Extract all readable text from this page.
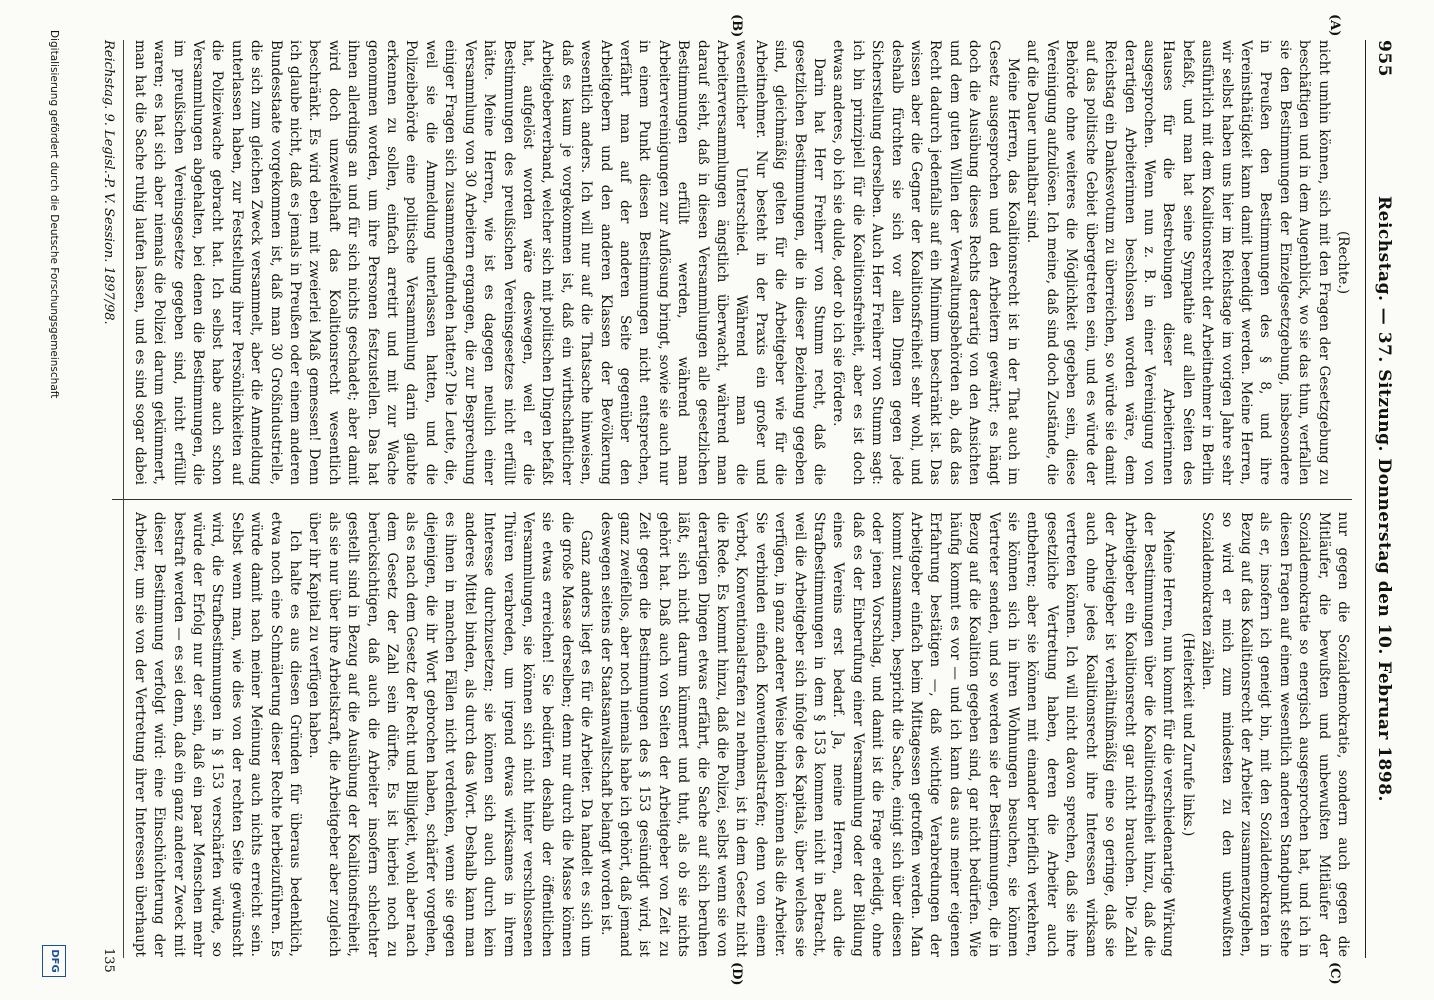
955
Reichstag. — 37. Sitzung. Donnerstag den 10. Februar 1898.
(A)
(B)
(C)
(D)

(Rechte.)

nicht umhin können, sich mit den Fragen der Gesetzgebung zu beschäftigen und in dem Augenblick, wo sie das thun, verfallen sie den Bestimmungen der Einzelgesetzgebung, insbesondere in Preußen den Bestimmungen des § 8, und ihre Vereinsthätigkeit kann damit beendigt werden. Meine Herren, wir selbst haben uns hier im Reichstage im vorigen Jahre sehr ausführlich mit dem Koalitionsrecht der Arbeitnehmer in Berlin befaßt, und man hat seine Sympathie auf allen Seiten des Hauses für die Bestrebungen dieser Arbeiterinnen ausgesprochen. Wenn nun z. B. in einer Vereinigung von derartigen Arbeiterinnen beschlossen worden wäre, dem Reichstag ein Dankesvotum zu überreichen, so würde sie damit auf das politische Gebiet übergetreten sein, und es würde der Behörde ohne weiteres die Möglichkeit gegeben sein, diese Vereinigung aufzulösen. Ich meine, daß sind doch Zustände, die auf die Dauer unhaltbar sind.

Meine Herren, das Koalitionsrecht ist in der That auch im Gesetz ausgesprochen und den Arbeitern gewährt; es hängt doch die Ausübung dieses Rechts derartig von den Ansichten und dem guten Willen der Verwaltungsbehörden ab, daß das Recht dadurch jedenfalls auf ein Minimum beschränkt ist. Das wissen aber die Gegner der Koalitionsfreiheit sehr wohl, und deshalb fürchten sie sich vor allen Dingen gegen jede Sicherstellung derselben. Auch Herr Freiherr von Stumm sagt: ich bin prinzipiell für die Koalitionsfreiheit, aber es ist doch etwas anderes, ob ich sie dulde, oder ob ich sie fördere.

Darin hat Herr Freiherr von Stumm recht, daß die gesetzlichen Bestimmungen, die in dieser Beziehung gegeben sind, gleichmäßig gelten für die Arbeitgeber wie für die Arbeitnehmer. Nur besteht in der Praxis ein großer und wesentlicher Unterschied. Während man die Arbeiterversammlungen ängstlich überwacht, während man darauf sieht, daß in diesen Versammlungen alle gesetzlichen Bestimmungen erfüllt werden, während man Arbeitervereinigungen zur Auflösung bringt, sowie sie auch nur in einem Punkt diesen Bestimmungen nicht entsprechen, verfährt man auf der anderen Seite gegenüber den Arbeitgebern und den anderen Klassen der Bevölkerung wesentlich anders. Ich will nur auf die Thatsache hinweisen, daß es kaum je vorgekommen ist, daß ein wirthschaftlicher Arbeitgeberverband, welcher sich mit politischen Dingen befaßt hat, aufgelöst worden wäre deswegen, weil er die Bestimmungen des preußischen Vereinsgesetzes nicht erfüllt hätte. Meine Herren, wie ist es dagegen neulich einer Versammlung von 30 Arbeitern ergangen, die zur Besprechung einiger Fragen sich zusammengefunden hatten? Die Leute, die, weil sie die Anmeldung unterlassen hatten, und die Polizeibehörde eine politische Versammlung darin glaubte erkennen zu sollen, einfach arretirt und mit zur Wache genommen worden, um ihre Personen festzustellen. Das hat ihnen allerdings an und für sich nichts geschadet; aber damit wird doch unzweifelhaft das Koalitionsrecht wesentlich beschränkt. Es wird eben mit zweierlei Maß gemessen! Denn ich glaube nicht, daß es jemals in Preußen oder einem anderen Bundesstaate vorgekommen ist, daß man 30 Großindustrielle, die sich zum gleichen Zweck versammelt, aber die Anmeldung unterlassen haben, zur Feststellung ihrer Persönlichkeiten auf die Polizeiwache gebracht hat. Ich selbst habe auch schon Versammlungen abgehalten, bei denen die Bestimmungen, die im preußischen Vereinsgesetze gegeben sind, nicht erfüllt waren; es hat sich aber niemals die Polizei darum gekümmert, man hat die Sache ruhig laufen lassen, und es sind sogar dabei

nur gegen die Sozialdemokratie, sondern auch gegen die Mitläufer, die bewußten und unbewußten Mitläufer der Sozialdemokratie so energisch ausgesprochen hat, und ich in diesen Fragen auf einem wesentlich anderen Standpunkt stehe als er, insofern ich geneigt bin, mit den Sozialdemokraten in Bezug auf das Koalitionsrecht der Arbeiter zusammenzugehen, so wird er mich zum mindesten zu den unbewußten Sozialdemokraten zählen.

(Heiterkeit und Zurufe links.)

Meine Herren, nun kommt für die verschiedenartige Wirkung der Bestimmungen über die Koalitionsfreiheit hinzu, daß die Arbeitgeber ein Koalitionsrecht gar nicht brauchen. Die Zahl der Arbeitgeber ist verhältnißmäßig eine so geringe, daß sie auch ohne jedes Koalitionsrecht ihre Interessen wirksam vertreten können. Ich will nicht davon sprechen, daß sie ihre gesetzliche Vertretung haben, deren die Arbeiter auch entbehren; aber sie können mit einander brieflich verkehren, sie können sich in ihren Wohnungen besuchen, sie können Vertreter senden, und so werden sie der Bestimmungen, die in Bezug auf die Koalition gegeben sind, gar nicht bedürfen. Wie häufig kommt es vor — und ich kann das aus meiner eigenen Erfahrung bestätigen —, daß wichtige Verabredungen der Arbeitgeber einfach beim Mittagessen getroffen werden. Man kommt zusammen, bespricht die Sache, einigt sich über diesen oder jenen Vorschlag, und damit ist die Frage erledigt, ohne daß es der Einberufung einer Versammlung oder der Bildung eines Vereins erst bedarf. Ja, meine Herren, auch die Strafbestimmungen in dem § 153 kommen nicht in Betracht, weil die Arbeitgeber sich infolge des Kapitals, über welches sie verfügen, in ganz anderer Weise binden können als die Arbeiter. Sie verbinden einfach Konventionalstrafen; denn von einem Verbot, Konventionalstrafen zu nehmen, ist in dem Gesetz nicht die Rede. Es kommt hinzu, daß die Polizei, selbst wenn sie von derartigen Dingen etwas erfährt, die Sache auf sich beruhen läßt, sich nicht darum kümmert und thut, als ob sie nichts gehört hat. Daß auch von Seiten der Arbeitgeber von Zeit zu Zeit gegen die Bestimmungen des § 153 gesündigt wird, ist ganz zweifellos, aber noch niemals habe ich gehört, daß jemand deswegen seitens der Staatsanwaltschaft belangt worden ist.

Ganz anders liegt es für die Arbeiter. Da handelt es sich um die große Masse derselben; denn nur durch die Masse können sie etwas erreichen! Sie bedürfen deshalb der öffentlichen Versammlungen, sie können sich nicht hinter verschlossenen Thüren verabreden, um irgend etwas wirksames in ihrem Interesse durchzusetzen; sie können sich auch durch kein anderes Mittel binden, als durch das Wort. Deshalb kann man es ihnen in manchen Fällen nicht verdenken, wenn sie gegen diejenigen, die ihr Wort gebrochen haben, schärfer vorgehen, als es nach dem Gesetz der Recht und Billigkeit, wohl aber nach dem Gesetz der Zahl sein dürfte. Es ist hierbei noch zu berücksichtigen, daß auch die Arbeiter insofern schlechter gestellt sind in Bezug auf die Ausübung der Koalitionsfreiheit, als sie nur über ihre Arbeitskraft, die Arbeitgeber aber zugleich über ihr Kapital zu verfügen haben.

Ich halte es aus diesen Gründen für überaus bedenklich, etwa noch eine Schmälerung dieser Rechte herbeizuführen. Es würde damit nach meiner Meinung auch nichts erreicht sein. Selbst wenn man, wie dies von der rechten Seite gewünscht wird, die Strafbestimmungen in § 153 verschärfen würde, so würde der Erfolg nur der sein, daß ein paar Menschen mehr bestraft werden — es sei denn, daß ein ganz anderer Zweck mit dieser Bestimmung verfolgt wird: eine Einschüchterung der Arbeiter, um sie von der Vertretung ihrer Interessen überhaupt

Reichstag. 9. Legisl.-P. V. Session. 1897/98.
135
Digitalisierung gefördert durch die Deutsche Forschungsgemeinschaft
DFG
